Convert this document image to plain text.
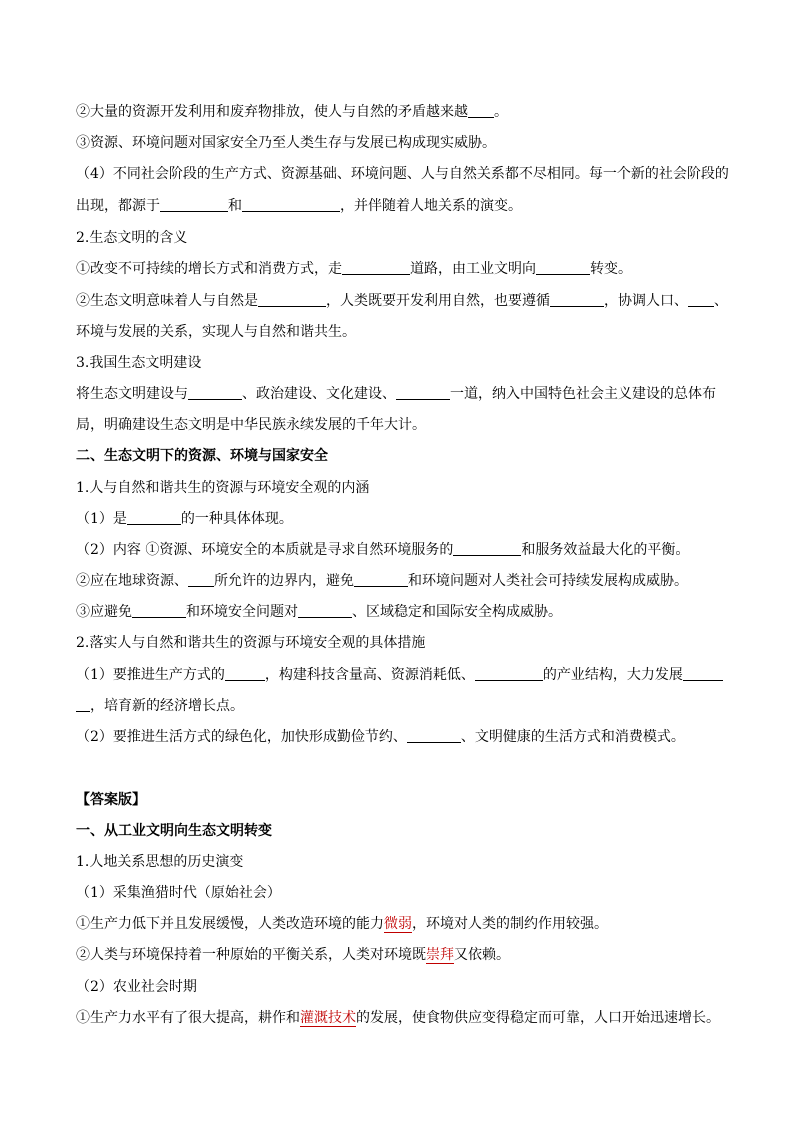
②大量的资源开发利用和废弃物排放，使人与自然的矛盾越来越 。
③资源、环境问题对国家安全乃至人类生存与发展已构成现实威胁。
（4）不同社会阶段的生产方式、资源基础、环境问题、人与自然关系都不尽相同。每一个新的社会阶段的
出现，都源于	和	，并伴随着人地关系的演变。
2.生态文明的含义
①改变不可持续的增长方式和消费方式，走	道路，由工业文明向	转变。
②生态文明意味着人与自然是	，人类既要开发利用自然，也要遵循	，协调人口、 、
环境与发展的关系，实现人与自然和谐共生。
3.我国生态文明建设
将生态文明建设与	、政治建设、文化建设、	一道，纳入中国特色社会主义建设的总体布
局，明确建设生态文明是中华民族永续发展的千年大计。
二、生态文明下的资源、环境与国家安全
1.人与自然和谐共生的资源与环境安全观的内涵
（1）是	的一种具体体现。
（2）内容 ①资源、环境安全的本质就是寻求自然环境服务的	和服务效益最大化的平衡。
②应在地球资源、 所允许的边界内，避免	和环境问题对人类社会可持续发展构成威胁。
③应避免	和环境安全问题对	、区域稳定和国际安全构成威胁。
2.落实人与自然和谐共生的资源与环境安全观的具体措施
（1）要推进生产方式的	，构建科技含量高、资源消耗低、	的产业结构，大力发展
，培育新的经济增长点。
（2）要推进生活方式的绿色化，加快形成勤俭节约、	、文明健康的生活方式和消费模式。
【答案版】
一、从工业文明向生态文明转变
1.人地关系思想的历史演变
（1）采集渔猎时代（原始社会）
①生产力低下并且发展缓慢，人类改造环境的能力微弱，环境对人类的制约作用较强。
②人类与环境保持着一种原始的平衡关系，人类对环境既崇拜又依赖。
（2）农业社会时期
①生产力水平有了很大提高，耕作和灌溉技术的发展，使食物供应变得稳定而可靠，人口开始迅速增长。
